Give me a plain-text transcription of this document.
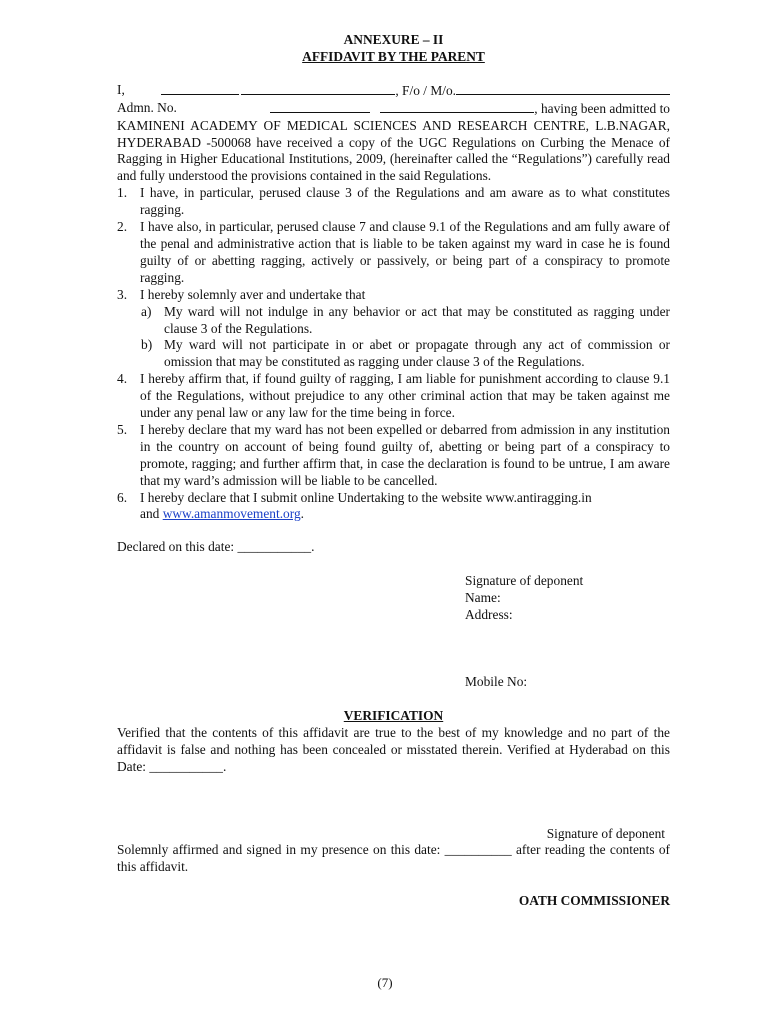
ANNEXURE – II

AFFIDAVIT BY THE PARENT

I,	, F/o / M/o.
Admn. No.	, having been admitted to

KAMINENI ACADEMY OF MEDICAL SCIENCES AND RESEARCH CENTRE, L.B.NAGAR, HYDERABAD -500068 have received a copy of the UGC Regulations on Curbing the Menace of Ragging in Higher Educational Institutions, 2009, (hereinafter called the “Regulations”) carefully read and fully understood the provisions contained in the said Regulations.

1. I have, in particular, perused clause 3 of the Regulations and am aware as to what constitutes ragging.
2. I have also, in particular, perused clause 7 and clause 9.1 of the Regulations and am fully aware of the penal and administrative action that is liable to be taken against my ward in case he is found guilty of or abetting ragging, actively or passively, or being part of a conspiracy to promote ragging.
3. I hereby solemnly aver and undertake that
a) My ward will not indulge in any behavior or act that may be constituted as ragging under clause 3 of the Regulations.
b) My ward will not participate in or abet or propagate through any act of commission or omission that may be constituted as ragging under clause 3 of the Regulations.
4. I hereby affirm that, if found guilty of ragging, I am liable for punishment according to clause 9.1 of the Regulations, without prejudice to any other criminal action that may be taken against me under any penal law or any law for the time being in force.
5. I hereby declare that my ward has not been expelled or debarred from admission in any institution in the country on account of being found guilty of, abetting or being part of a conspiracy to promote, ragging; and further affirm that, in case the declaration is found to be untrue, I am aware that my ward’s admission will be liable to be cancelled.
6. I hereby declare that I submit online Undertaking to the website www.antiragging.in
and www.amanmovement.org.

Declared on this date: ___________.

Signature of deponent

Name:

Address:

Mobile No:

VERIFICATION

Verified that the contents of this affidavit are true to the best of my knowledge and no part of the affidavit is false and nothing has been concealed or misstated therein. Verified at Hyderabad on this Date: ___________.

Signature of deponent

Solemnly affirmed and signed in my presence on this date: __________ after reading the contents of this affidavit.

OATH COMMISSIONER

(7)
